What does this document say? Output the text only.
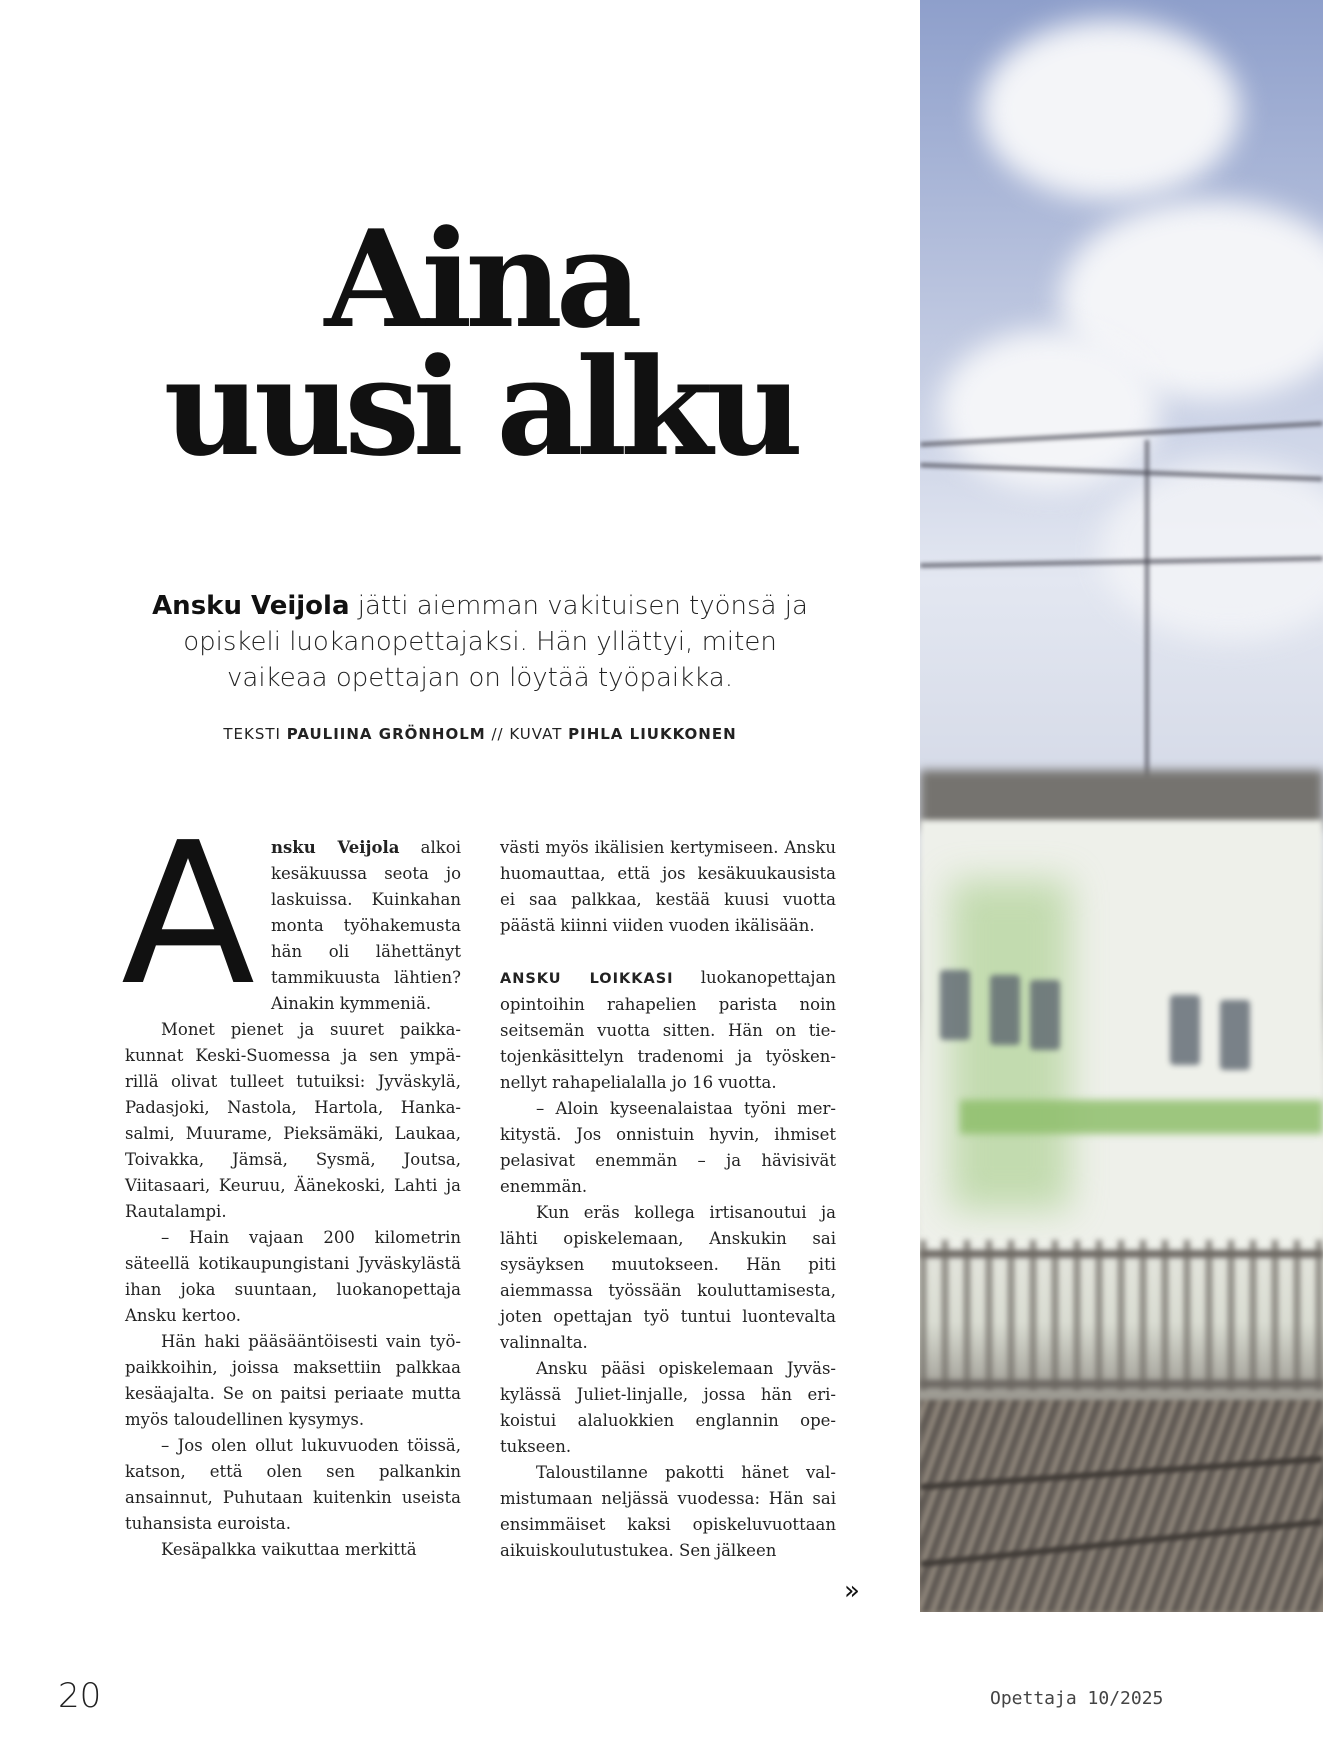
Aina
uusi alku

Ansku Veijola jätti aiemman vakituisen työnsä ja opiskeli luokanopettajaksi. Hän yllättyi, miten vaikeaa opettajan on löytää työpaikka.

TEKSTI PAULIINA GRÖNHOLM // KUVAT PIHLA LIUKKONEN

Ansku Veijola alkoi kesäkuussa seota jo laskuissa. Kuinkahan monta työhakemusta hän oli lähettänyt tammikuusta lähtien? Ainakin kymmeniä.

Monet pienet ja suuret paikkakunnat Keski-Suomessa ja sen ympärillä olivat tulleet tutuiksi: Jyväskylä, Padasjoki, Nastola, Hartola, Hankasalmi, Muurame, Pieksämäki, Laukaa, Toivakka, Jämsä, Sysmä, Joutsa, Viitasaari, Keuruu, Äänekoski, Lahti ja Rautalampi.

– Hain vajaan 200 kilometrin säteellä kotikaupungistani Jyväskylästä ihan joka suuntaan, luokanopettaja Ansku kertoo.

Hän haki pääsääntöisesti vain työpaikkoihin, joissa maksettiin palkkaa kesäajalta. Se on paitsi periaate mutta myös taloudellinen kysymys.

– Jos olen ollut lukuvuoden töissä, katson, että olen sen palkankin ansainnut, Puhutaan kuitenkin useista tuhansista euroista.

Kesäpalkka vaikuttaa merkittä

västi myös ikälisien kertymiseen. Ansku huomauttaa, että jos kesäkuukausista ei saa palkkaa, kestää kuusi vuotta päästä kiinni viiden vuoden ikälisään.

ANSKU LOIKKASI luokanopettajan opintoihin rahapelien parista noin seitsemän vuotta sitten. Hän on tietojenkäsittelyn tradenomi ja työskennellyt rahapelialalla jo 16 vuotta.

– Aloin kyseenalaistaa työni merkitystä. Jos onnistuin hyvin, ihmiset pelasivat enemmän – ja hävisivät enemmän.

Kun eräs kollega irtisanoutui ja lähti opiskelemaan, Anskukin sai sysäyksen muutokseen. Hän piti aiemmassa työssään kouluttamisesta, joten opettajan työ tuntui luontevalta valinnalta.

Ansku pääsi opiskelemaan Jyväskylässä Juliet-linjalle, jossa hän erikoistui alaluokkien englannin opetukseen.

Taloustilanne pakotti hänet valmistumaan neljässä vuodessa: Hän sai ensimmäiset kaksi opiskeluvuottaan aikuiskoulutustukea. Sen jälkeen

»
20	Opettaja 10/2025
